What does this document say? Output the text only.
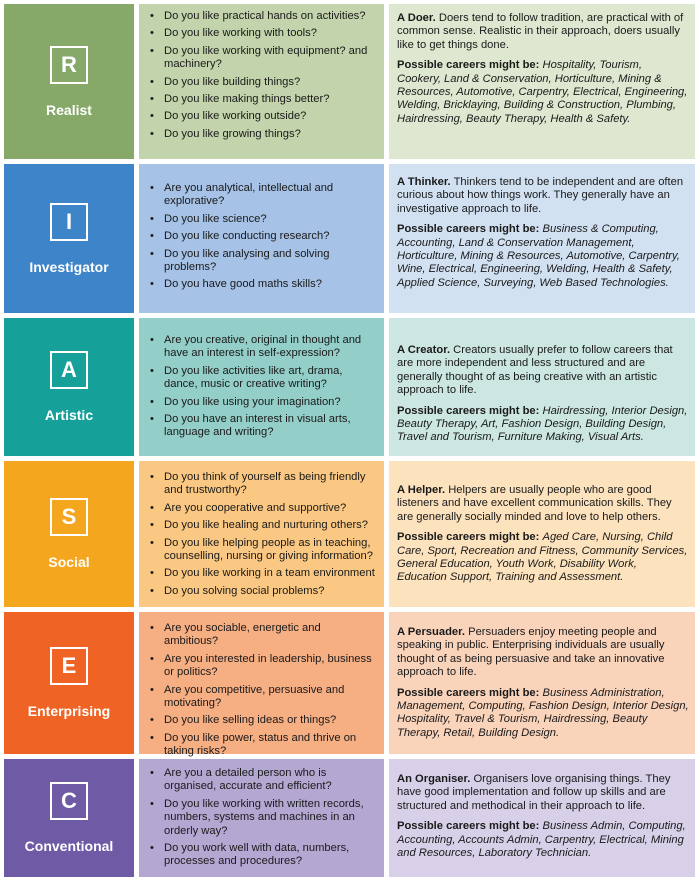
R
Realist
• Do you like practical hands on activities?
• Do you like working with tools?
• Do you like working with equipment? and machinery?
• Do you like building things?
• Do you like making things better?
• Do you like working outside?
• Do you like growing things?

A Doer. Doers tend to follow tradition, are practical with of common sense. Realistic in their approach, doers usually like to get things done.

Possible careers might be: Hospitality, Tourism, Cookery, Land & Conservation, Horticulture, Mining & Resources, Automotive, Carpentry, Electrical, Engineering, Welding, Bricklaying, Building & Construction, Plumbing, Hairdressing, Beauty Therapy, Health & Safety.

I
Investigator
• Are you analytical, intellectual and explorative?
• Do you like science?
• Do you like conducting research?
• Do you like analysing and solving problems?
• Do you have good maths skills?

A Thinker. Thinkers tend to be independent and are often curious about how things work. They generally have an investigative approach to life.

Possible careers might be: Business & Computing, Accounting, Land & Conservation Management, Horticulture, Mining & Resources, Automotive, Carpentry, Wine, Electrical, Engineering, Welding, Health & Safety, Applied Science, Surveying, Web Based Technologies.

A
Artistic
• Are you creative, original in thought and have an interest in self-expression?
• Do you like activities like art, drama, dance, music or creative writing?
• Do you like using your imagination?
• Do you have an interest in visual arts, language and writing?

A Creator. Creators usually prefer to follow careers that are more independent and less structured and are generally thought of as being creative with an artistic approach to life.

Possible careers might be: Hairdressing, Interior Design, Beauty Therapy, Art, Fashion Design, Building Design, Travel and Tourism, Furniture Making, Visual Arts.

S
Social
• Do you think of yourself as being friendly and trustworthy?
• Are you cooperative and supportive?
• Do you like healing and nurturing others?
• Do you like helping people as in teaching, counselling, nursing or giving information?
• Do you like working in a team environment
• Do you solving social problems?

A Helper. Helpers are usually people who are good listeners and have excellent communication skills. They are generally socially minded and love to help others.

Possible careers might be: Aged Care, Nursing, Child Care, Sport, Recreation and Fitness, Community Services, General Education, Youth Work, Disability Work, Education Support, Training and Assessment.

E
Enterprising
• Are you sociable, energetic and ambitious?
• Are you interested in leadership, business or politics?
• Are you competitive, persuasive and motivating?
• Do you like selling ideas or things?
• Do you like power, status and thrive on taking risks?

A Persuader. Persuaders enjoy meeting people and speaking in public. Enterprising individuals are usually thought of as being persuasive and take an innovative approach to life.

Possible careers might be: Business Administration, Management, Computing, Fashion Design, Interior Design, Hospitality, Travel & Tourism, Hairdressing, Beauty Therapy, Retail, Building Design.

C
Conventional
• Are you a detailed person who is organised, accurate and efficient?
• Do you like working with written records, numbers, systems and machines in an orderly way?
• Do you work well with data, numbers, processes and procedures?

An Organiser. Organisers love organising things. They have good implementation and follow up skills and are structured and methodical in their approach to life.

Possible careers might be: Business Admin, Computing, Accounting, Accounts Admin, Carpentry, Electrical, Mining and Resources, Laboratory Technician.
